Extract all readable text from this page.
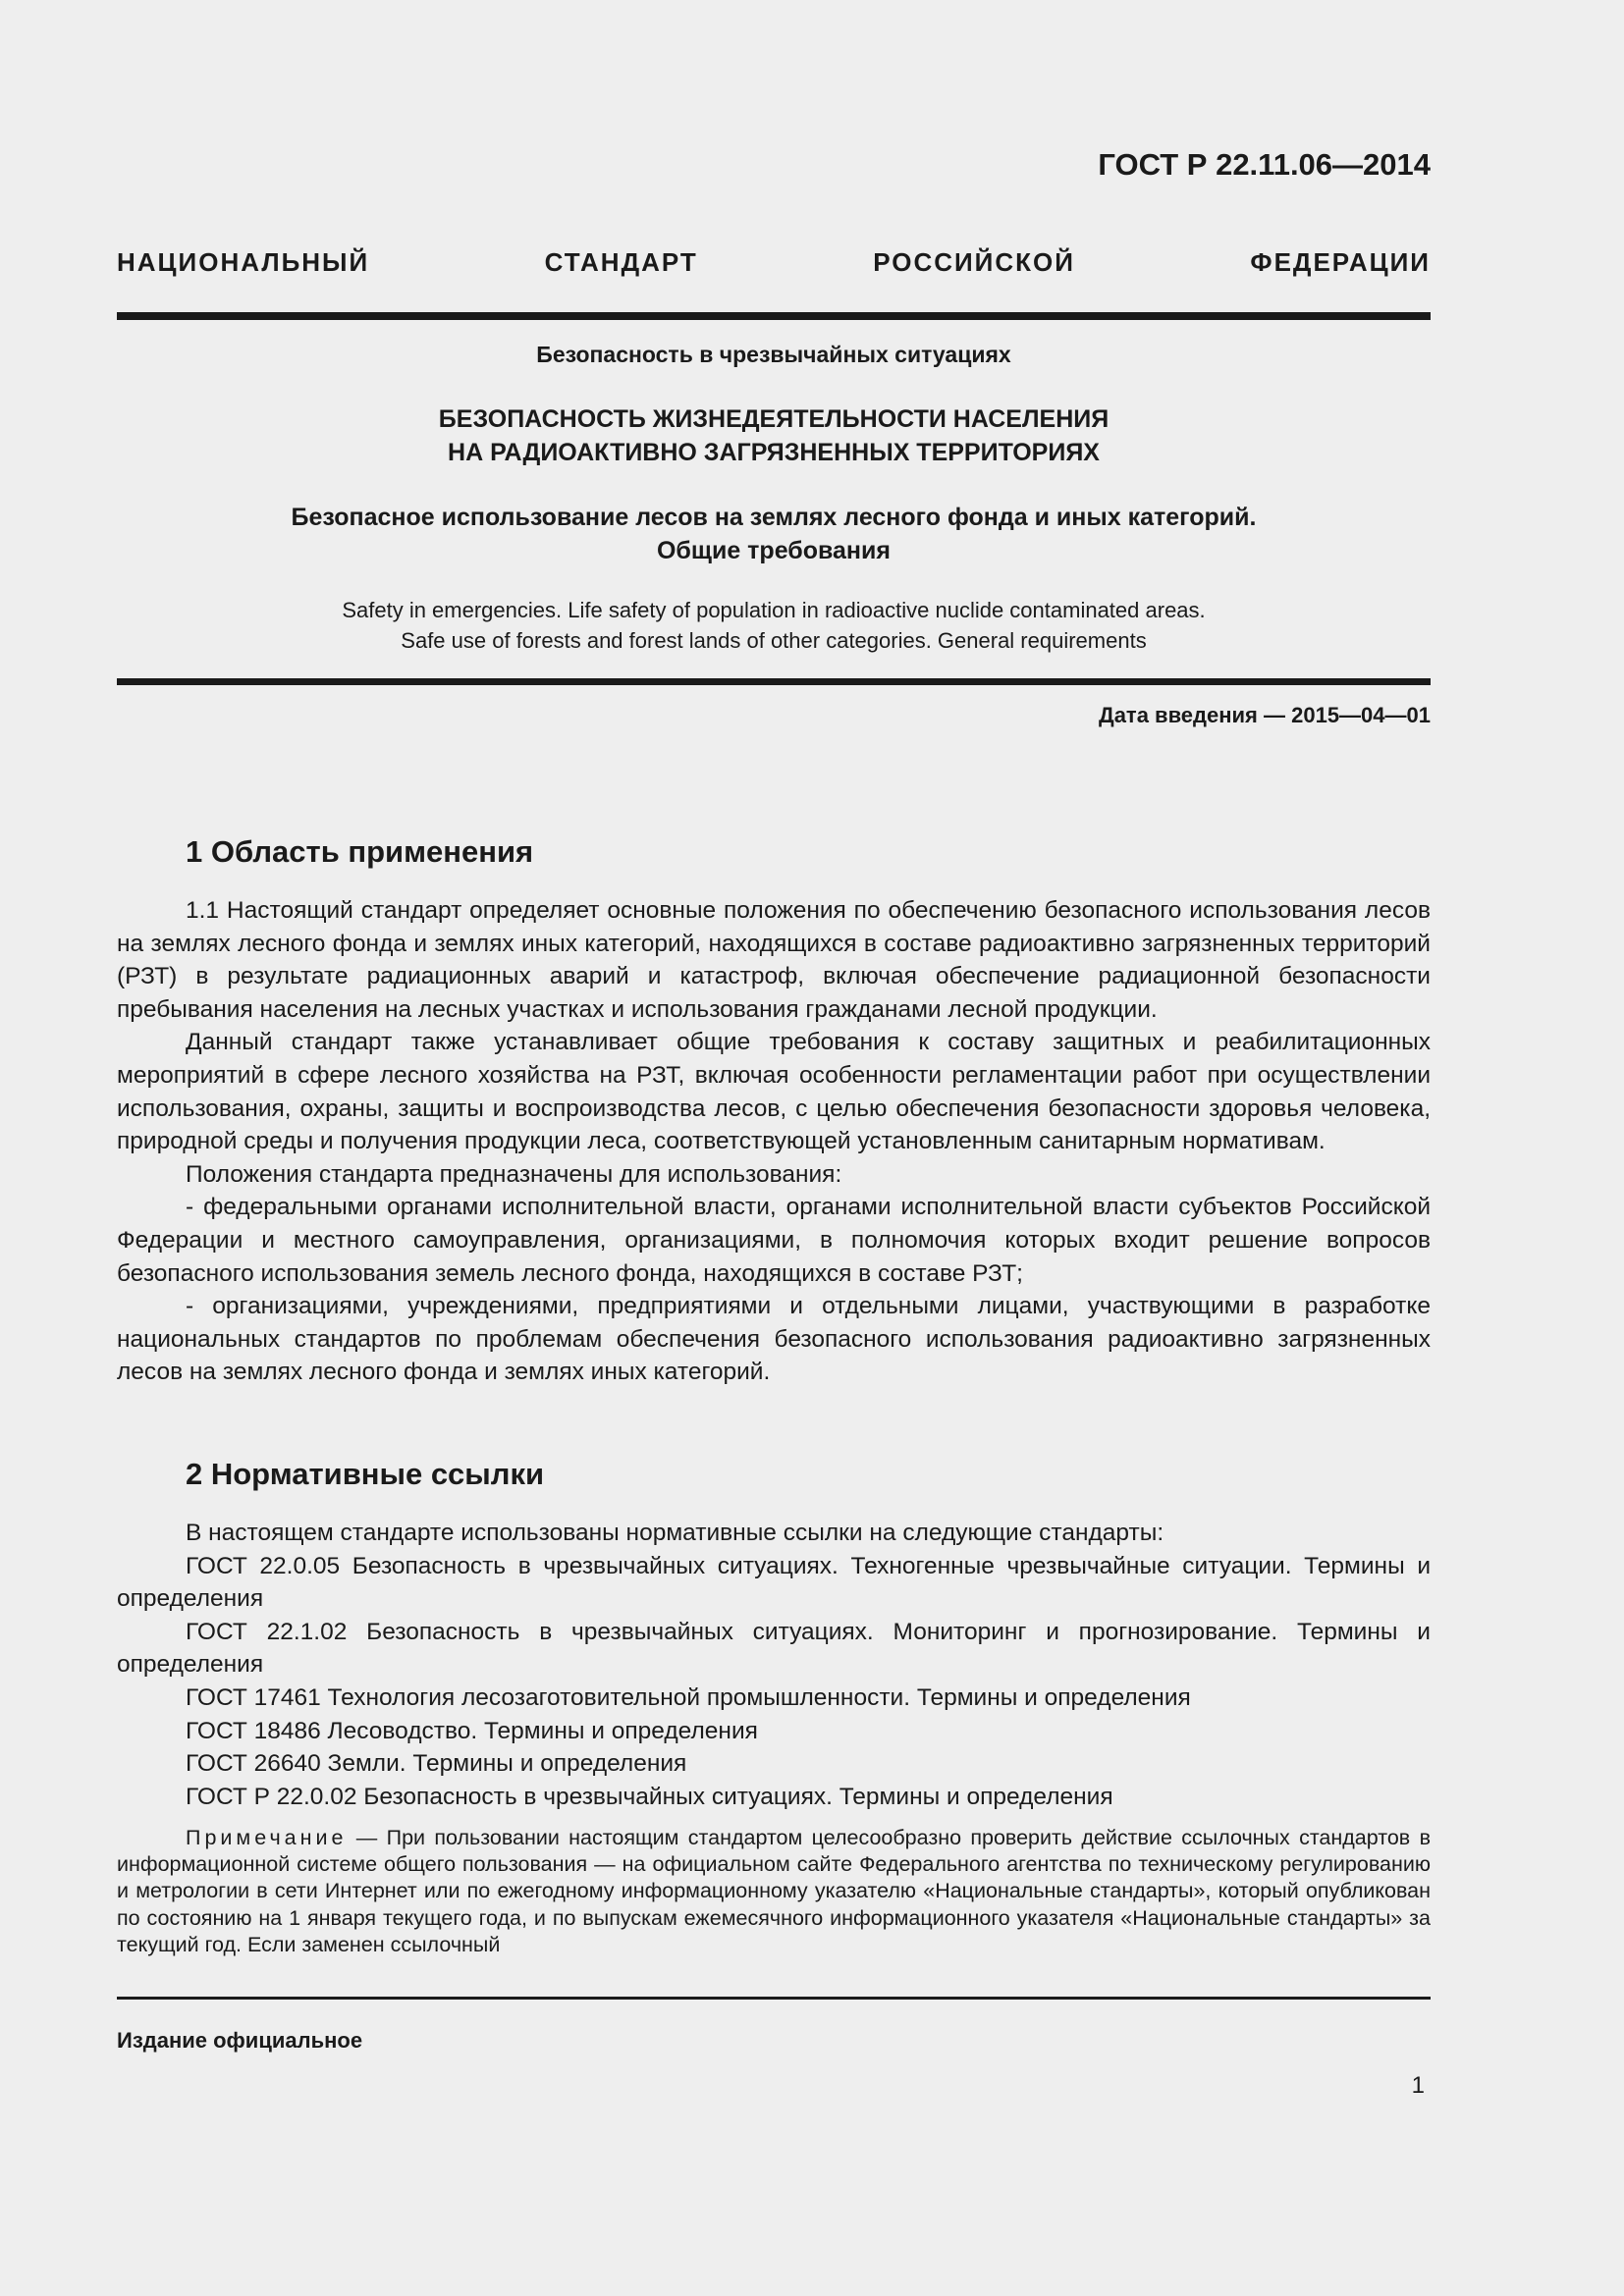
ГОСТ Р 22.11.06—2014
НАЦИОНАЛЬНЫЙ СТАНДАРТ РОССИЙСКОЙ ФЕДЕРАЦИИ
Безопасность в чрезвычайных ситуациях
БЕЗОПАСНОСТЬ ЖИЗНЕДЕЯТЕЛЬНОСТИ НАСЕЛЕНИЯ
НА РАДИОАКТИВНО ЗАГРЯЗНЕННЫХ ТЕРРИТОРИЯХ
Безопасное использование лесов на землях лесного фонда и иных категорий.
Общие требования
Safety in emergencies. Life safety of population in radioactive nuclide contaminated areas.
Safe use of forests and forest lands of other categories. General requirements
Дата введения — 2015—04—01
1 Область применения

1.1 Настоящий стандарт определяет основные положения по обеспечению безопасного использования лесов на землях лесного фонда и землях иных категорий, находящихся в составе радиоактивно загрязненных территорий (РЗТ) в результате радиационных аварий и катастроф, включая обеспечение радиационной безопасности пребывания населения на лесных участках и использования гражданами лесной продукции.

Данный стандарт также устанавливает общие требования к составу защитных и реабилитационных мероприятий в сфере лесного хозяйства на РЗТ, включая особенности регламентации работ при осуществлении использования, охраны, защиты и воспроизводства лесов, с целью обеспечения безопасности здоровья человека, природной среды и получения продукции леса, соответствующей установленным санитарным нормативам.

Положения стандарта предназначены для использования:

- федеральными органами исполнительной власти, органами исполнительной власти субъектов Российской Федерации и местного самоуправления, организациями, в полномочия которых входит решение вопросов безопасного использования земель лесного фонда, находящихся в составе РЗТ;

- организациями, учреждениями, предприятиями и отдельными лицами, участвующими в разработке национальных стандартов по проблемам обеспечения безопасного использования радиоактивно загрязненных лесов на землях лесного фонда и землях иных категорий.

2 Нормативные ссылки

В настоящем стандарте использованы нормативные ссылки на следующие стандарты:

ГОСТ 22.0.05 Безопасность в чрезвычайных ситуациях. Техногенные чрезвычайные ситуации. Термины и определения

ГОСТ 22.1.02 Безопасность в чрезвычайных ситуациях. Мониторинг и прогнозирование. Термины и определения

ГОСТ 17461 Технология лесозаготовительной промышленности. Термины и определения

ГОСТ 18486 Лесоводство. Термины и определения

ГОСТ 26640 Земли. Термины и определения

ГОСТ Р 22.0.02 Безопасность в чрезвычайных ситуациях. Термины и определения

Примечание — При пользовании настоящим стандартом целесообразно проверить действие ссылочных стандартов в информационной системе общего пользования — на официальном сайте Федерального агентства по техническому регулированию и метрологии в сети Интернет или по ежегодному информационному указателю «Национальные стандарты», который опубликован по состоянию на 1 января текущего года, и по выпускам ежемесячного информационного указателя «Национальные стандарты» за текущий год. Если заменен ссылочный

Издание официальное
1
